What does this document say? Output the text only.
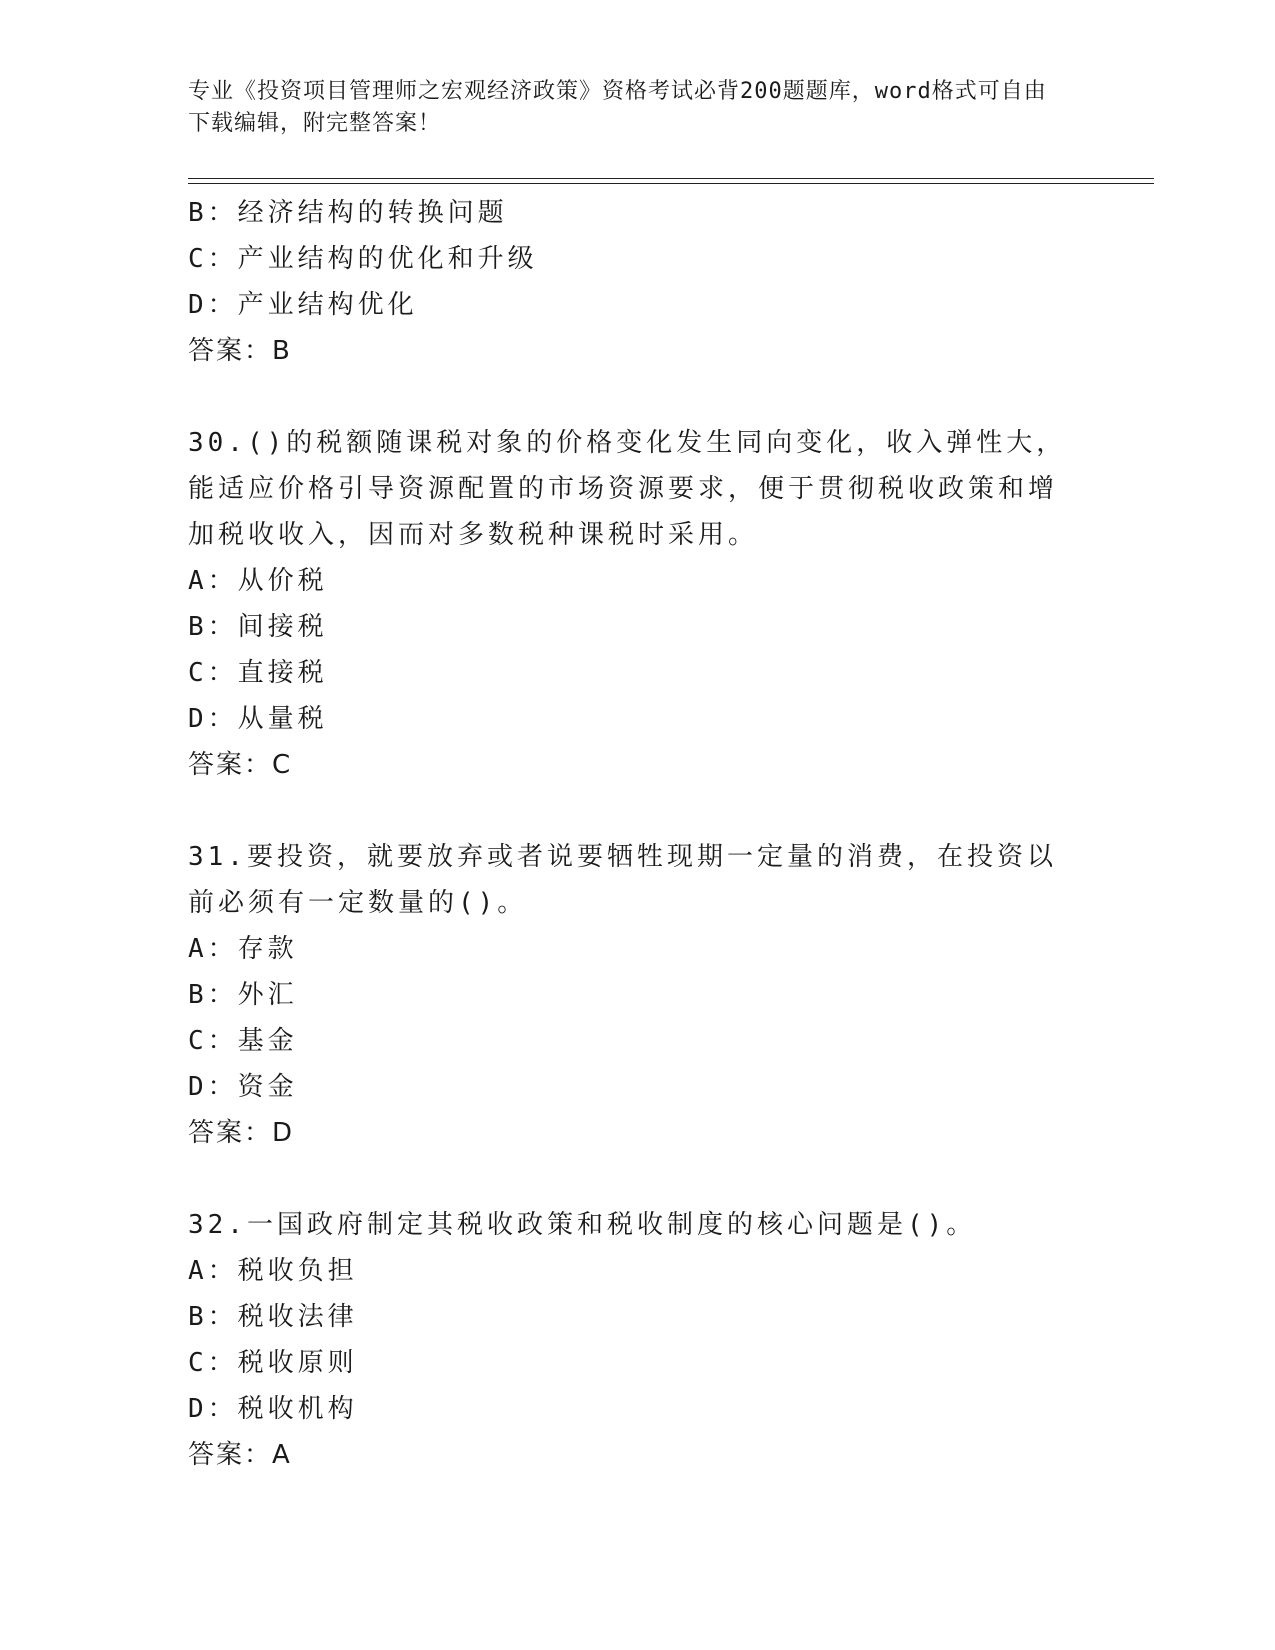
专业《投资项目管理师之宏观经济政策》资格考试必背200题题库，word格式可自由下载编辑，附完整答案！
B：经济结构的转换问题
C：产业结构的优化和升级
D：产业结构优化
答案：B
30.()的税额随课税对象的价格变化发生同向变化，收入弹性大，能适应价格引导资源配置的市场资源要求，便于贯彻税收政策和增加税收收入，因而对多数税种课税时采用。
A：从价税
B：间接税
C：直接税
D：从量税
答案：C
31.要投资，就要放弃或者说要牺牲现期一定量的消费，在投资以前必须有一定数量的()。
A：存款
B：外汇
C：基金
D：资金
答案：D
32.一国政府制定其税收政策和税收制度的核心问题是()。
A：税收负担
B：税收法律
C：税收原则
D：税收机构
答案：A
